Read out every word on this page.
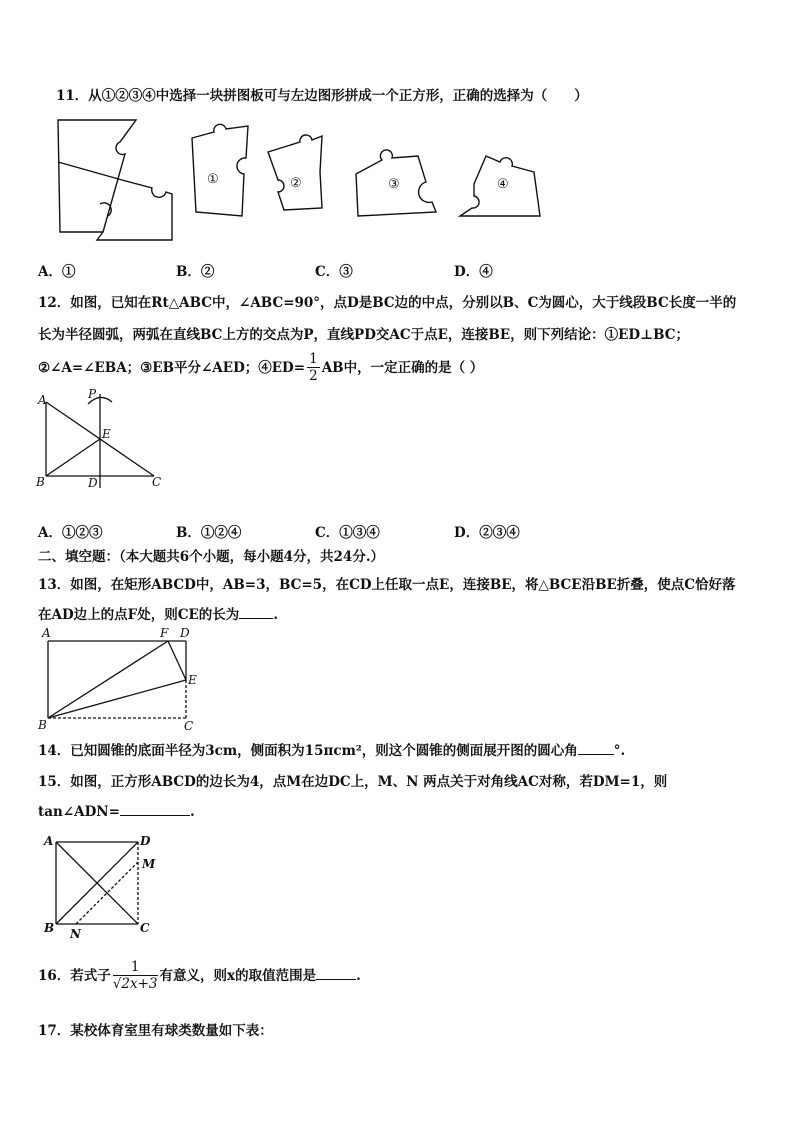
11．从①②③④中选择一块拼图板可与左边图形拼成一个正方形，正确的选择为（　　）
①	②	③	④
A．①	B．②	C．③	D．④
12．如图，已知在Rt△ABC中，∠ABC=90°，点D是BC边的中点，分别以B、C为圆心，大于线段BC长度一半的
长为半径圆弧，两弧在直线BC上方的交点为P，直线PD交AC于点E，连接BE，则下列结论：①ED⊥BC；
②∠A=∠EBA；③EB平分∠AED；④ED= $\frac{1}{2}$ AB中，一定正确的是（ ）
A	P
E
B	D	C
A．①②③	B．①②④	C．①③④	D．②③④
二、填空题：（本大题共6个小题，每小题4分，共24分.）
13．如图，在矩形ABCD中，AB=3，BC=5，在CD上任取一点E，连接BE，将△BCE沿BE折叠，使点C恰好落
在AD边上的点F处，则CE的长为	.
A	F D
E
B	C
14．已知圆锥的底面半径为3cm，侧面积为15πcm²，则这个圆锥的侧面展开图的圆心角	°.
15．如图，正方形ABCD的边长为4，点M在边DC上，M、N 两点关于对角线AC对称，若DM=1，则
tan∠ADN=	.
A	D
M
B N	C
16．若式子 $\frac{1}{√2x+3}$ 有意义，则x的取值范围是	.
17．某校体育室里有球类数量如下表：
